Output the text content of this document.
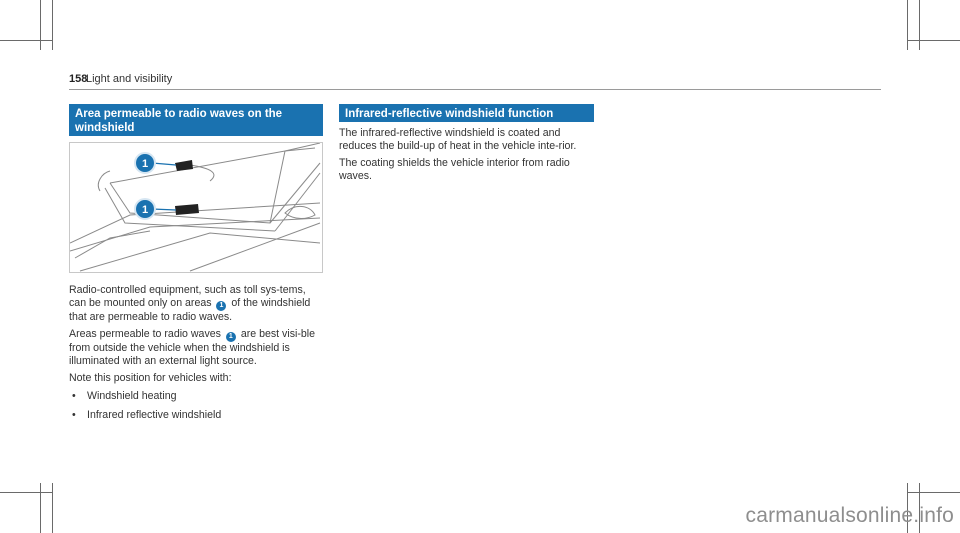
158
Light and visibility
Area permeable to radio waves on the windshield
1
1

Radio-controlled equipment, such as toll sys-tems, can be mounted only on areas 1 of the windshield that are permeable to radio waves.

Areas permeable to radio waves 1 are best visi-ble from outside the vehicle when the windshield is illuminated with an external light source.

Note this position for vehicles with:

• Windshield heating
• Infrared reflective windshield
Infrared-reflective windshield function

The infrared-reflective windshield is coated and reduces the build-up of heat in the vehicle inte-rior.

The coating shields the vehicle interior from radio waves.

carmanualsonline.info
